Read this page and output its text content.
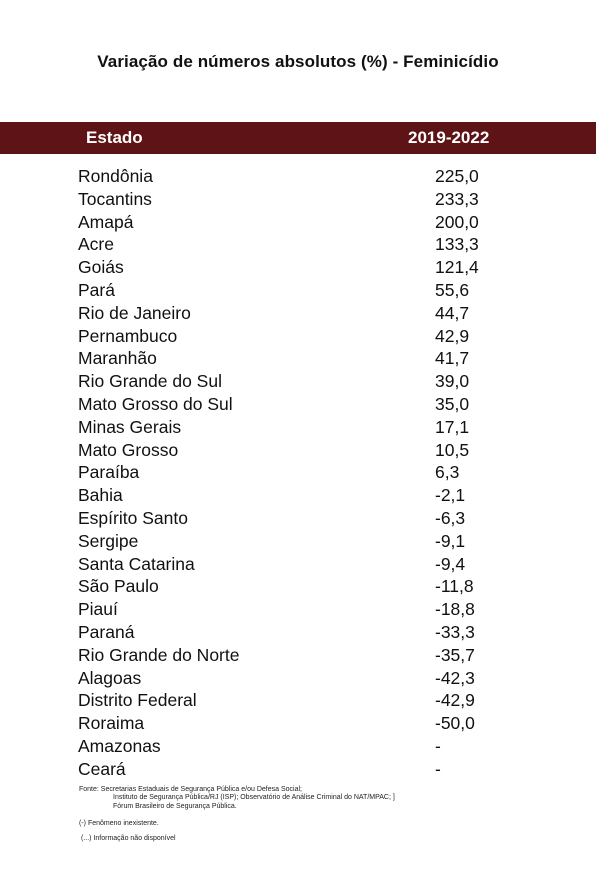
Variação de números absolutos (%) - Feminicídio
Estado	2019-2022
Rondônia	225,0
Tocantins	233,3
Amapá	200,0
Acre	133,3
Goiás	121,4
Pará	55,6
Rio de Janeiro	44,7
Pernambuco	42,9
Maranhão	41,7
Rio Grande do Sul	39,0
Mato Grosso do Sul	35,0
Minas Gerais	17,1
Mato Grosso	10,5
Paraíba	6,3
Bahia	-2,1
Espírito Santo	-6,3
Sergipe	-9,1
Santa Catarina	-9,4
São Paulo	-11,8
Piauí	-18,8
Paraná	-33,3
Rio Grande do Norte	-35,7
Alagoas	-42,3
Distrito Federal	-42,9
Roraima	-50,0
Amazonas	-
Ceará	-
Fonte: Secretarias Estaduais de Segurança Pública e/ou Defesa Social;
Instituto de Segurança Pública/RJ (ISP); Observatório de Análise Criminal do NAT/MPAC; ]
Fórum Brasileiro de Segurança Pública.
(-) Fenômeno inexistente.
(...) Informação não disponível
